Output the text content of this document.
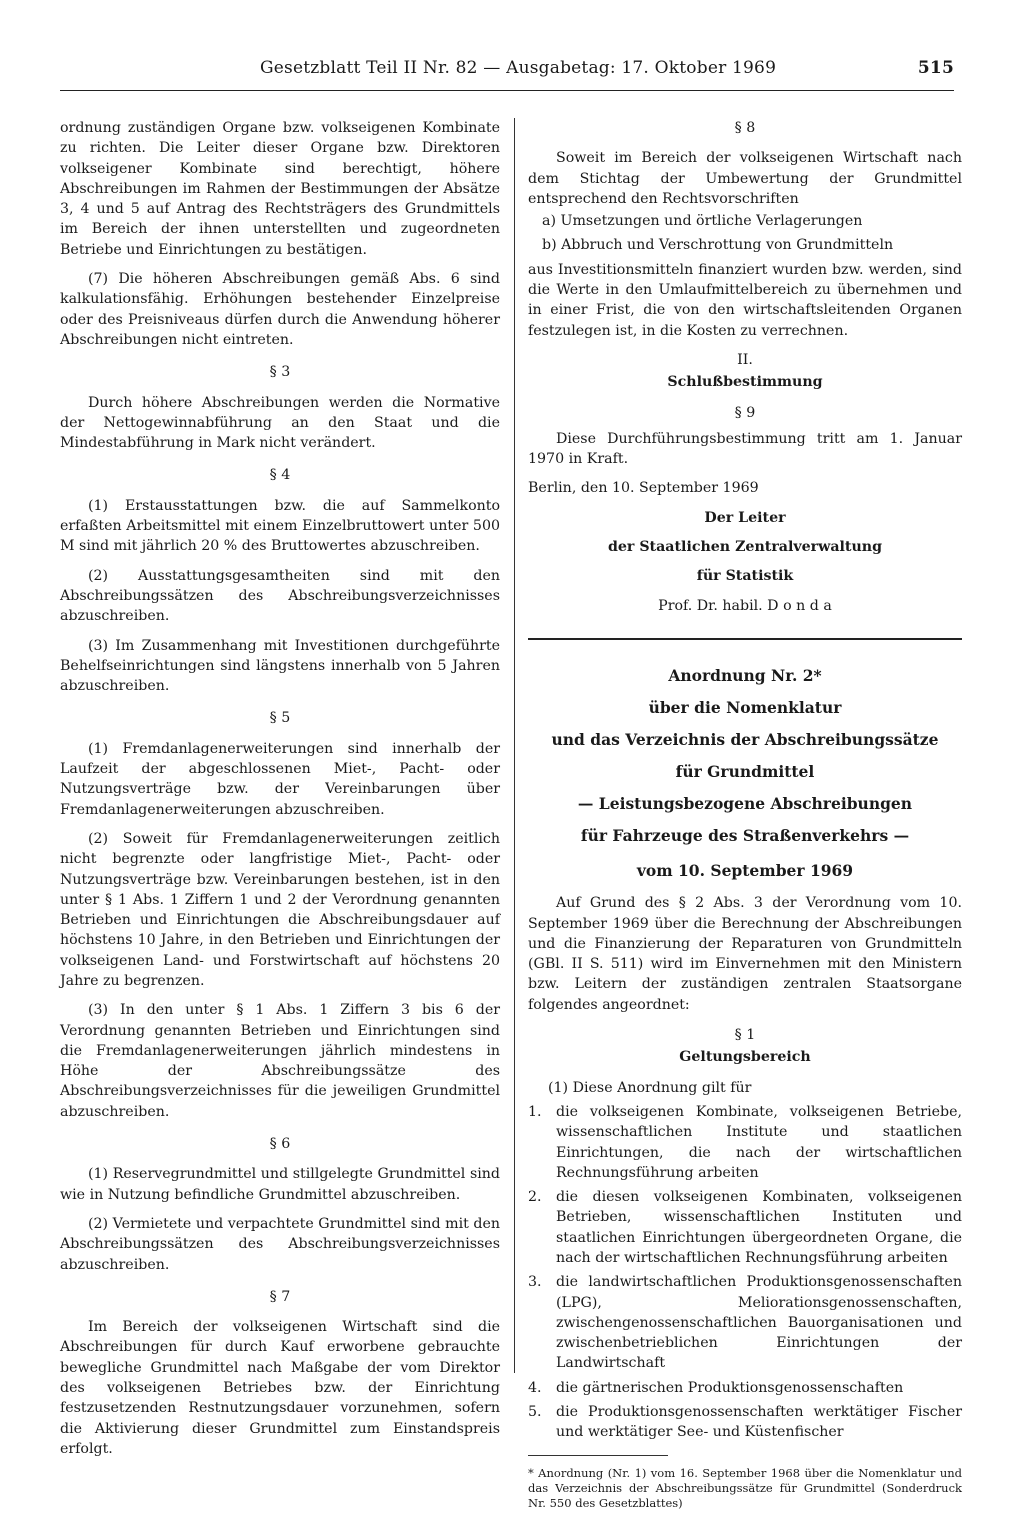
Gesetzblatt Teil II Nr. 82 — Ausgabetag: 17. Oktober 1969	515

ordnung zuständigen Organe bzw. volkseigenen Kombinate zu richten. Die Leiter dieser Organe bzw. Direktoren volkseigener Kombinate sind berechtigt, höhere Abschreibungen im Rahmen der Bestimmungen der Absätze 3, 4 und 5 auf Antrag des Rechtsträgers des Grundmittels im Bereich der ihnen unterstellten und zugeordneten Betriebe und Einrichtungen zu bestätigen.

(7) Die höheren Abschreibungen gemäß Abs. 6 sind kalkulationsfähig. Erhöhungen bestehender Einzelpreise oder des Preisniveaus dürfen durch die Anwendung höherer Abschreibungen nicht eintreten.

§ 3

Durch höhere Abschreibungen werden die Normative der Nettogewinnabführung an den Staat und die Mindestabführung in Mark nicht verändert.

§ 4

(1) Erstausstattungen bzw. die auf Sammelkonto erfaßten Arbeitsmittel mit einem Einzelbruttowert unter 500 M sind mit jährlich 20 % des Bruttowertes abzuschreiben.

(2) Ausstattungsgesamtheiten sind mit den Abschreibungssätzen des Abschreibungsverzeichnisses abzuschreiben.

(3) Im Zusammenhang mit Investitionen durchgeführte Behelfseinrichtungen sind längstens innerhalb von 5 Jahren abzuschreiben.

§ 5

(1) Fremdanlagenerweiterungen sind innerhalb der Laufzeit der abgeschlossenen Miet-, Pacht- oder Nutzungsverträge bzw. der Vereinbarungen über Fremdanlagenerweiterungen abzuschreiben.

(2) Soweit für Fremdanlagenerweiterungen zeitlich nicht begrenzte oder langfristige Miet-, Pacht- oder Nutzungsverträge bzw. Vereinbarungen bestehen, ist in den unter § 1 Abs. 1 Ziffern 1 und 2 der Verordnung genannten Betrieben und Einrichtungen die Abschreibungsdauer auf höchstens 10 Jahre, in den Betrieben und Einrichtungen der volkseigenen Land- und Forstwirtschaft auf höchstens 20 Jahre zu begrenzen.

(3) In den unter § 1 Abs. 1 Ziffern 3 bis 6 der Verordnung genannten Betrieben und Einrichtungen sind die Fremdanlagenerweiterungen jährlich mindestens in Höhe der Abschreibungssätze des Abschreibungsverzeichnisses für die jeweiligen Grundmittel abzuschreiben.

§ 6

(1) Reservegrundmittel und stillgelegte Grundmittel sind wie in Nutzung befindliche Grundmittel abzuschreiben.

(2) Vermietete und verpachtete Grundmittel sind mit den Abschreibungssätzen des Abschreibungsverzeichnisses abzuschreiben.

§ 7

Im Bereich der volkseigenen Wirtschaft sind die Abschreibungen für durch Kauf erworbene gebrauchte bewegliche Grundmittel nach Maßgabe der vom Direktor des volkseigenen Betriebes bzw. der Einrichtung festzusetzenden Restnutzungsdauer vorzunehmen, sofern die Aktivierung dieser Grundmittel zum Einstandspreis erfolgt.

§ 8

Soweit im Bereich der volkseigenen Wirtschaft nach dem Stichtag der Umbewertung der Grundmittel entsprechend den Rechtsvorschriften

a) Umsetzungen und örtliche Verlagerungen
b) Abbruch und Verschrottung von Grundmitteln

aus Investitionsmitteln finanziert wurden bzw. werden, sind die Werte in den Umlaufmittelbereich zu übernehmen und in einer Frist, die von den wirtschaftsleitenden Organen festzulegen ist, in die Kosten zu verrechnen.

II.
Schlußbestimmung
§ 9

Diese Durchführungsbestimmung tritt am 1. Januar 1970 in Kraft.

Berlin, den 10. September 1969

Der Leiter

der Staatlichen Zentralverwaltung

für Statistik

Prof. Dr. habil. D o n d a

Anordnung Nr. 2*

über die Nomenklatur

und das Verzeichnis der Abschreibungssätze

für Grundmittel

— Leistungsbezogene Abschreibungen

für Fahrzeuge des Straßenverkehrs —

vom 10. September 1969

Auf Grund des § 2 Abs. 3 der Verordnung vom 10. September 1969 über die Berechnung der Abschreibungen und die Finanzierung der Reparaturen von Grundmitteln (GBl. II S. 511) wird im Einvernehmen mit den Ministern bzw. Leitern der zuständigen zentralen Staatsorgane folgendes angeordnet:

§ 1
Geltungsbereich

(1) Diese Anordnung gilt für

1.	die volkseigenen Kombinate, volkseigenen Betriebe, wissenschaftlichen Institute und staatlichen Einrichtungen, die nach der wirtschaftlichen Rechnungsführung arbeiten
2.	die diesen volkseigenen Kombinaten, volkseigenen Betrieben, wissenschaftlichen Instituten und staatlichen Einrichtungen übergeordneten Organe, die nach der wirtschaftlichen Rechnungsführung arbeiten
3.	die landwirtschaftlichen Produktionsgenossenschaften (LPG), Meliorationsgenossenschaften, zwischengenossenschaftlichen Bauorganisationen und zwischenbetrieblichen Einrichtungen der Landwirtschaft
4.	die gärtnerischen Produktionsgenossenschaften
5.	die Produktionsgenossenschaften werktätiger Fischer und werktätiger See- und Küstenfischer

* Anordnung (Nr. 1) vom 16. September 1968 über die Nomenklatur und das Verzeichnis der Abschreibungssätze für Grundmittel (Sonderdruck Nr. 550 des Gesetzblattes)
